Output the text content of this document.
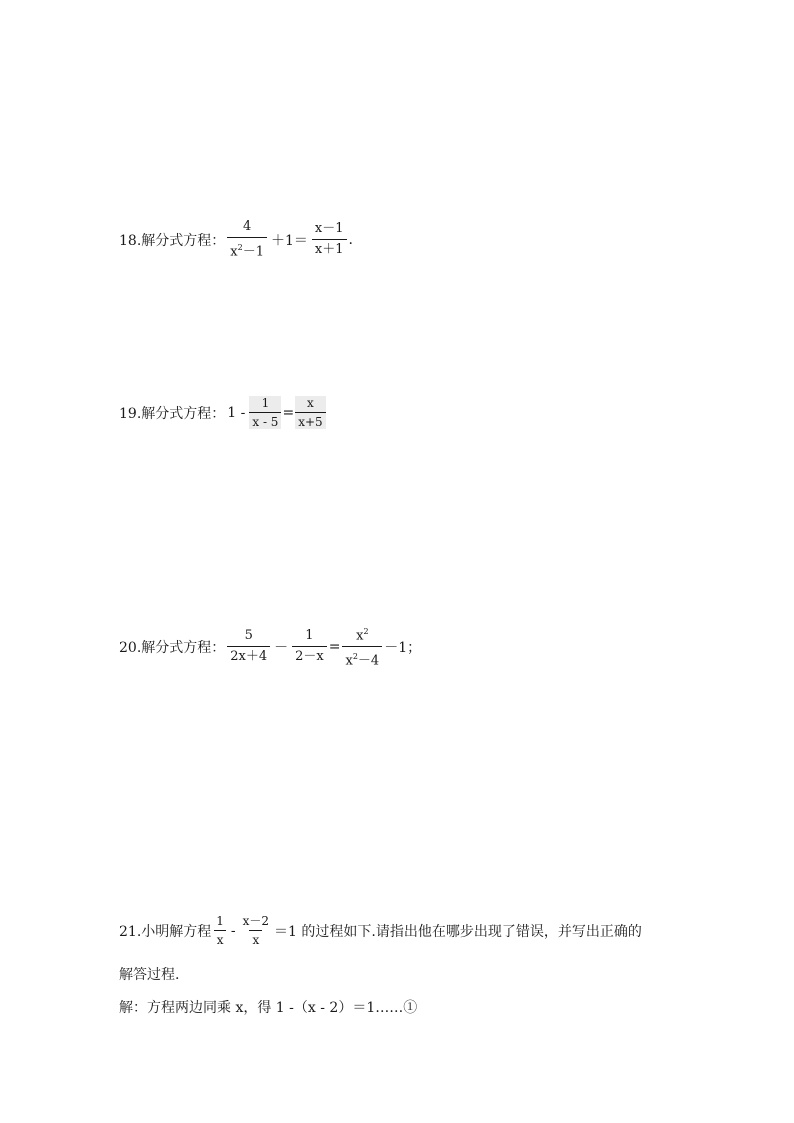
18.解分式方程： $\frac{4}{x^2-1} +1= \frac{x-1}{x+1}$ .
19.解分式方程： $1 - \frac{1}{x - 5} = \frac{x}{x+5}$
20.解分式方程： $\frac{5}{2x+4} - \frac{1}{2-x} = \frac{x^2}{x^2-4} -1$；
21.小明解方程 $\frac{1}{x} - \frac{x-2}{x} =1$ 的过程如下.请指出他在哪步出现了错误，并写出正确的
解答过程.
解：方程两边同乘 x，得 1 -（x - 2）＝1……①
